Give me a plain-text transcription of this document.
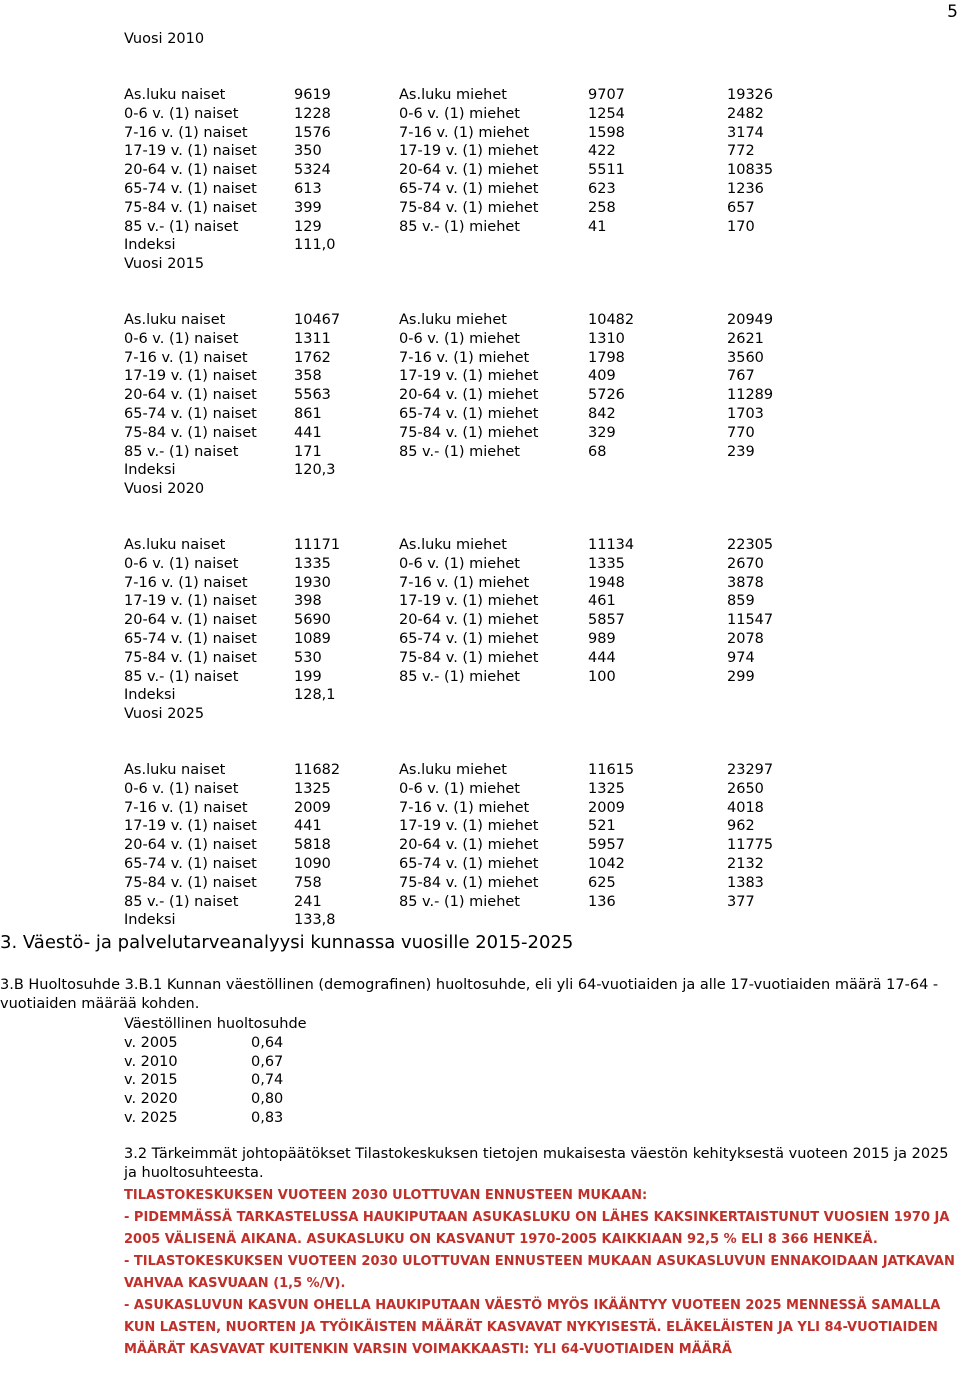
5
Vuosi 2010
As.luku naiset	9619	As.luku miehet	9707	19326
0-6 v. (1) naiset	1228	0-6 v. (1) miehet	1254	2482
7-16 v. (1) naiset	1576	7-16 v. (1) miehet	1598	3174
17-19 v. (1) naiset	350	17-19 v. (1) miehet	422	772
20-64 v. (1) naiset	5324	20-64 v. (1) miehet	5511	10835
65-74 v. (1) naiset	613	65-74 v. (1) miehet	623	1236
75-84 v. (1) naiset	399	75-84 v. (1) miehet	258	657
85 v.- (1) naiset	129	85 v.- (1) miehet	41	170
Indeksi	111,0
Vuosi 2015
As.luku naiset	10467	As.luku miehet	10482	20949
0-6 v. (1) naiset	1311	0-6 v. (1) miehet	1310	2621
7-16 v. (1) naiset	1762	7-16 v. (1) miehet	1798	3560
17-19 v. (1) naiset	358	17-19 v. (1) miehet	409	767
20-64 v. (1) naiset	5563	20-64 v. (1) miehet	5726	11289
65-74 v. (1) naiset	861	65-74 v. (1) miehet	842	1703
75-84 v. (1) naiset	441	75-84 v. (1) miehet	329	770
85 v.- (1) naiset	171	85 v.- (1) miehet	68	239
Indeksi	120,3
Vuosi 2020
As.luku naiset	11171	As.luku miehet	11134	22305
0-6 v. (1) naiset	1335	0-6 v. (1) miehet	1335	2670
7-16 v. (1) naiset	1930	7-16 v. (1) miehet	1948	3878
17-19 v. (1) naiset	398	17-19 v. (1) miehet	461	859
20-64 v. (1) naiset	5690	20-64 v. (1) miehet	5857	11547
65-74 v. (1) naiset	1089	65-74 v. (1) miehet	989	2078
75-84 v. (1) naiset	530	75-84 v. (1) miehet	444	974
85 v.- (1) naiset	199	85 v.- (1) miehet	100	299
Indeksi	128,1
Vuosi 2025
As.luku naiset	11682	As.luku miehet	11615	23297
0-6 v. (1) naiset	1325	0-6 v. (1) miehet	1325	2650
7-16 v. (1) naiset	2009	7-16 v. (1) miehet	2009	4018
17-19 v. (1) naiset	441	17-19 v. (1) miehet	521	962
20-64 v. (1) naiset	5818	20-64 v. (1) miehet	5957	11775
65-74 v. (1) naiset	1090	65-74 v. (1) miehet	1042	2132
75-84 v. (1) naiset	758	75-84 v. (1) miehet	625	1383
85 v.- (1) naiset	241	85 v.- (1) miehet	136	377
Indeksi	133,8
3. Väestö- ja palvelutarveanalyysi kunnassa vuosille 2015-2025
3.B Huoltosuhde 3.B.1 Kunnan väestöllinen (demografinen) huoltosuhde, eli yli 64-vuotiaiden ja alle 17-vuotiaiden määrä 17-64 -vuotiaiden määrää kohden.
Väestöllinen huoltosuhde
v. 2005	0,64
v. 2010	0,67
v. 2015	0,74
v. 2020	0,80
v. 2025	0,83
3.2 Tärkeimmät johtopäätökset Tilastokeskuksen tietojen mukaisesta väestön kehityksestä vuoteen 2015 ja 2025 ja huoltosuhteesta.

TILASTOKESKUKSEN VUOTEEN 2030 ULOTTUVAN ENNUSTEEN MUKAAN:

- PIDEMMÄSSÄ TARKASTELUSSA HAUKIPUTAAN ASUKASLUKU ON LÄHES KAKSINKERTAISTUNUT VUOSIEN 1970 JA 2005 VÄLISENÄ AIKANA. ASUKASLUKU ON KASVANUT 1970-2005 KAIKKIAAN 92,5 % ELI 8 366 HENKEÄ.

- TILASTOKESKUKSEN VUOTEEN 2030 ULOTTUVAN ENNUSTEEN MUKAAN ASUKASLUVUN ENNAKOIDAAN JATKAVAN VAHVAA KASVUAAN (1,5 %/V).

- ASUKASLUVUN KASVUN OHELLA HAUKIPUTAAN VÄESTÖ MYÖS IKÄÄNTYY VUOTEEN 2025 MENNESSÄ SAMALLA KUN LASTEN, NUORTEN JA TYÖIKÄISTEN MÄÄRÄT KASVAVAT NYKYISESTÄ. ELÄKELÄISTEN JA YLI 84-VUOTIAIDEN MÄÄRÄT KASVAVAT KUITENKIN VARSIN VOIMAKKAASTI: YLI 64-VUOTIAIDEN MÄÄRÄ
